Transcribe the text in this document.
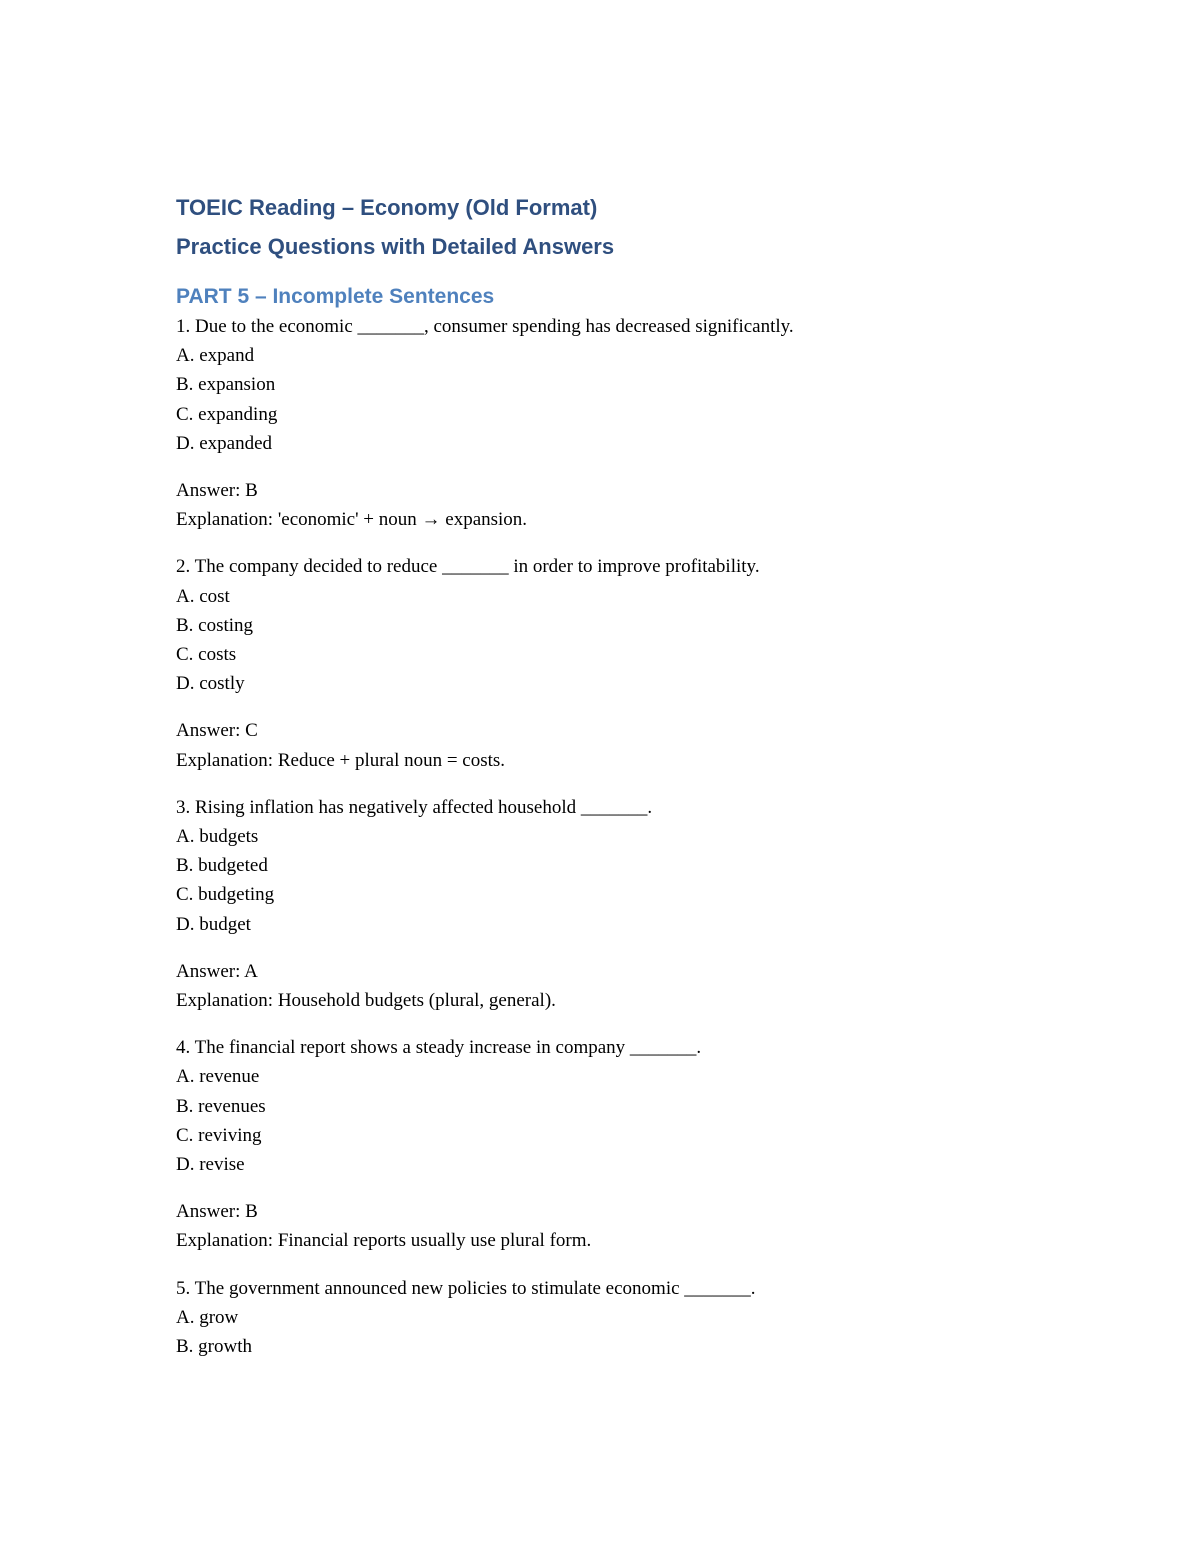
TOEIC Reading – Economy (Old Format)
Practice Questions with Detailed Answers
PART 5 – Incomplete Sentences
1. Due to the economic _______, consumer spending has decreased significantly.
A. expand
B. expansion
C. expanding
D. expanded
Answer: B
Explanation: 'economic' + noun → expansion.
2. The company decided to reduce _______ in order to improve profitability.
A. cost
B. costing
C. costs
D. costly
Answer: C
Explanation: Reduce + plural noun = costs.
3. Rising inflation has negatively affected household _______.
A. budgets
B. budgeted
C. budgeting
D. budget
Answer: A
Explanation: Household budgets (plural, general).
4. The financial report shows a steady increase in company _______.
A. revenue
B. revenues
C. reviving
D. revise
Answer: B
Explanation: Financial reports usually use plural form.
5. The government announced new policies to stimulate economic _______.
A. grow
B. growth
